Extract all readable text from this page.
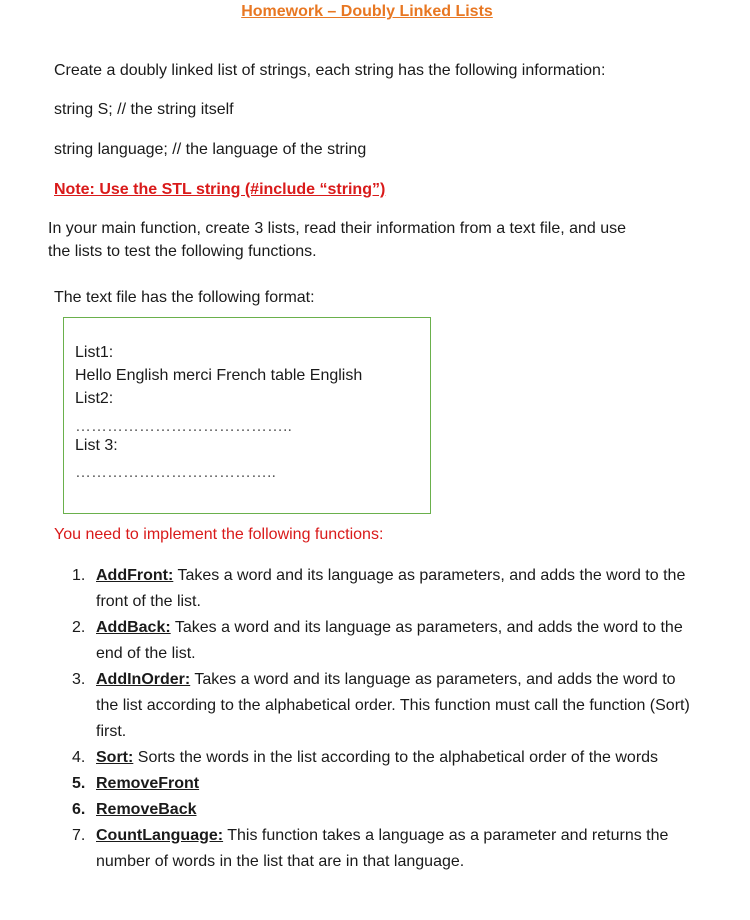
Homework – Doubly Linked Lists
Create a doubly linked list of strings, each string has the following information:
string S; // the string itself
string language; // the language of the string
Note: Use the STL string (#include “string”)
In your main function, create 3 lists, read their information from a text file, and use
the lists to test the following functions.
The text file has the following format:
List1:
Hello English merci French table English
List2:
…………………………………..
List 3:
………………………………..
You need to implement the following functions:
1. AddFront: Takes a word and its language as parameters, and adds the word to the front of the list.
2. AddBack: Takes a word and its language as parameters, and adds the word to the end of the list.
3. AddInOrder: Takes a word and its language as parameters, and adds the word to the list according to the alphabetical order. This function must call the function (Sort) first.
4. Sort: Sorts the words in the list according to the alphabetical order of the words
5. RemoveFront
6. RemoveBack
7. CountLanguage: This function takes a language as a parameter and returns the number of words in the list that are in that language.
